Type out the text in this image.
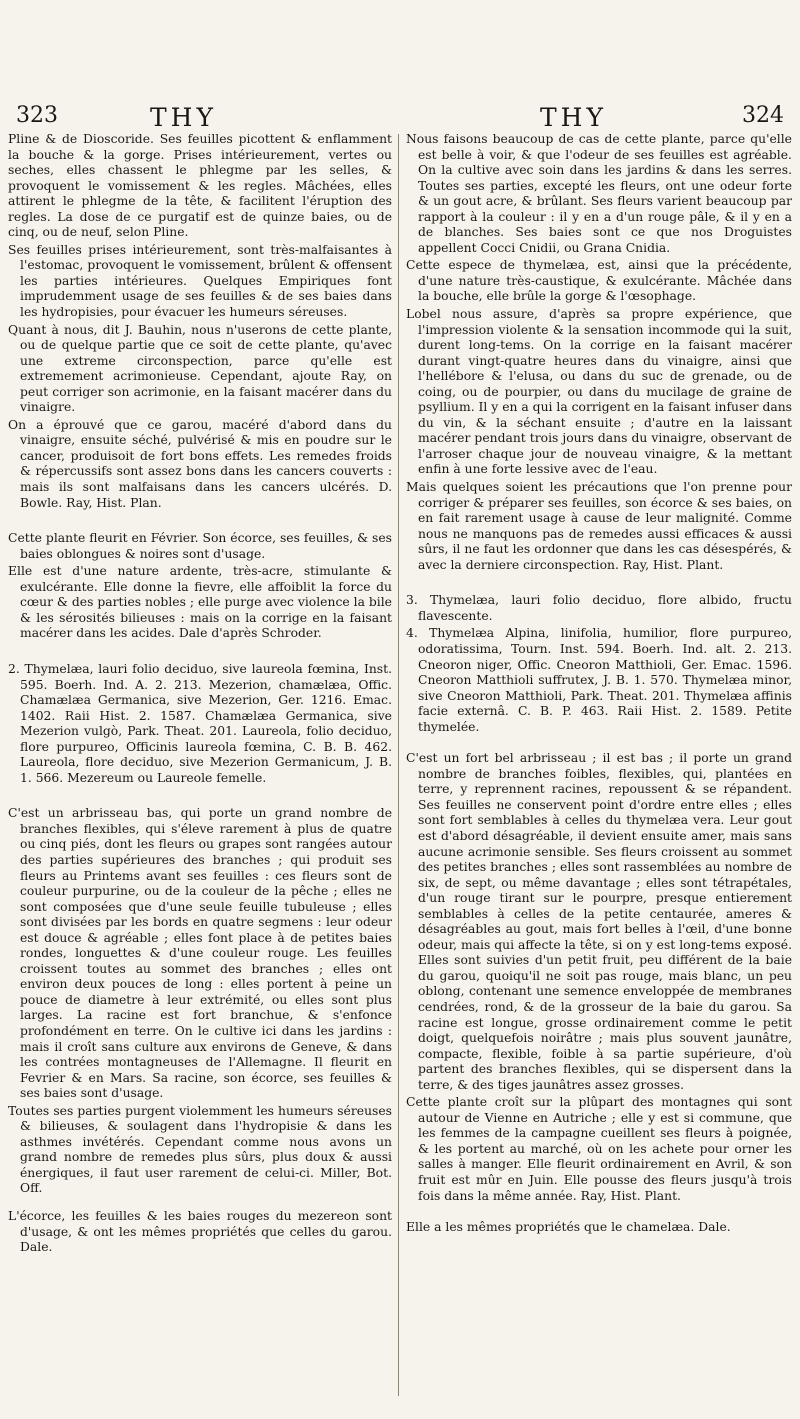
323	THY	THY	324

Pline & de Dioscoride. Ses feuilles picottent & enflamment la bouche & la gorge. Prises intérieurement, vertes ou seches, elles chassent le phlegme par les selles, & provoquent le vomissement & les regles. Mâchées, elles attirent le phlegme de la tête, & facilitent l'éruption des regles. La dose de ce purgatif est de quinze baies, ou de cinq, ou de neuf, selon Pline.

Ses feuilles prises intérieurement, sont très-malfaisantes à l'estomac, provoquent le vomissement, brûlent & offensent les parties intérieures. Quelques Empiriques font imprudemment usage de ses feuilles & de ses baies dans les hydropisies, pour évacuer les humeurs séreuses.

Quant à nous, dit J. Bauhin, nous n'userons de cette plante, ou de quelque partie que ce soit de cette plante, qu'avec une extreme circonspection, parce qu'elle est extremement acrimonieuse. Cependant, ajoute Ray, on peut corriger son acrimonie, en la faisant macérer dans du vinaigre.

On a éprouvé que ce garou, macéré d'abord dans du vinaigre, ensuite séché, pulvérisé & mis en poudre sur le cancer, produisoit de fort bons effets. Les remedes froids & répercussifs sont assez bons dans les cancers couverts : mais ils sont malfaisans dans les cancers ulcérés. D. Bowle. Ray, Hist. Plan.

Cette plante fleurit en Février. Son écorce, ses feuilles, & ses baies oblongues & noires sont d'usage.

Elle est d'une nature ardente, très-acre, stimulante & exulcérante. Elle donne la fievre, elle affoiblit la force du cœur & des parties nobles ; elle purge avec violence la bile & les sérosités bilieuses : mais on la corrige en la faisant macérer dans les acides. Dale d'après Schroder.

2. Thymelæa, lauri folio deciduo, sive laureola fœmina, Inst. 595. Boerh. Ind. A. 2. 213. Mezerion, chamælæa, Offic. Chamælæa Germanica, sive Mezerion, Ger. 1216. Emac. 1402. Raii Hist. 2. 1587. Chamælæa Germanica, sive Mezerion vulgò, Park. Theat. 201. Laureola, folio deciduo, flore purpureo, Officinis laureola fœmina, C. B. B. 462. Laureola, flore deciduo, sive Mezerion Germanicum, J. B. 1. 566. Mezereum ou Laureole femelle.

C'est un arbrisseau bas, qui porte un grand nombre de branches flexibles, qui s'éleve rarement à plus de quatre ou cinq piés, dont les fleurs ou grapes sont rangées autour des parties supérieures des branches ; qui produit ses fleurs au Printems avant ses feuilles : ces fleurs sont de couleur purpurine, ou de la couleur de la pêche ; elles ne sont composées que d'une seule feuille tubuleuse ; elles sont divisées par les bords en quatre segmens : leur odeur est douce & agréable ; elles font place à de petites baies rondes, longuettes & d'une couleur rouge. Les feuilles croissent toutes au sommet des branches ; elles ont environ deux pouces de long : elles portent à peine un pouce de diametre à leur extrémité, ou elles sont plus larges. La racine est fort branchue, & s'enfonce profondément en terre. On le cultive ici dans les jardins : mais il croît sans culture aux environs de Geneve, & dans les contrées montagneuses de l'Allemagne. Il fleurit en Fevrier & en Mars. Sa racine, son écorce, ses feuilles & ses baies sont d'usage.

Toutes ses parties purgent violemment les humeurs séreuses & bilieuses, & soulagent dans l'hydropisie & dans les asthmes invétérés. Cependant comme nous avons un grand nombre de remedes plus sûrs, plus doux & aussi énergiques, il faut user rarement de celui-ci. Miller, Bot. Off.

L'écorce, les feuilles & les baies rouges du mezereon sont d'usage, & ont les mêmes propriétés que celles du garou. Dale.

Nous faisons beaucoup de cas de cette plante, parce qu'elle est belle à voir, & que l'odeur de ses feuilles est agréable. On la cultive avec soin dans les jardins & dans les serres. Toutes ses parties, excepté les fleurs, ont une odeur forte & un gout acre, & brûlant. Ses fleurs varient beaucoup par rapport à la couleur : il y en a d'un rouge pâle, & il y en a de blanches. Ses baies sont ce que nos Droguistes appellent Cocci Cnidii, ou Grana Cnidia.

Cette espece de thymelæa, est, ainsi que la précédente, d'une nature très-caustique, & exulcérante. Mâchée dans la bouche, elle brûle la gorge & l'œsophage.

Lobel nous assure, d'après sa propre expérience, que l'impression violente & la sensation incommode qui la suit, durent long-tems. On la corrige en la faisant macérer durant vingt-quatre heures dans du vinaigre, ainsi que l'hellébore & l'elusa, ou dans du suc de grenade, ou de coing, ou de pourpier, ou dans du mucilage de graine de psyllium. Il y en a qui la corrigent en la faisant infuser dans du vin, & la séchant ensuite ; d'autre en la laissant macérer pendant trois jours dans du vinaigre, observant de l'arroser chaque jour de nouveau vinaigre, & la mettant enfin à une forte lessive avec de l'eau.

Mais quelques soient les précautions que l'on prenne pour corriger & préparer ses feuilles, son écorce & ses baies, on en fait rarement usage à cause de leur malignité. Comme nous ne manquons pas de remedes aussi efficaces & aussi sûrs, il ne faut les ordonner que dans les cas désespérés, & avec la derniere circonspection. Ray, Hist. Plant.

3. Thymelæa, lauri folio deciduo, flore albido, fructu flavescente.

4. Thymelæa Alpina, linifolia, humilior, flore purpureo, odoratissima, Tourn. Inst. 594. Boerh. Ind. alt. 2. 213. Cneoron niger, Offic. Cneoron Matthioli, Ger. Emac. 1596. Cneoron Matthioli suffrutex, J. B. 1. 570. Thymelæa minor, sive Cneoron Matthioli, Park. Theat. 201. Thymelæa affinis facie externâ. C. B. P. 463. Raii Hist. 2. 1589. Petite thymelée.

C'est un fort bel arbrisseau ; il est bas ; il porte un grand nombre de branches foibles, flexibles, qui, plantées en terre, y reprennent racines, repoussent & se répandent. Ses feuilles ne conservent point d'ordre entre elles ; elles sont fort semblables à celles du thymelæa vera. Leur gout est d'abord désagréable, il devient ensuite amer, mais sans aucune acrimonie sensible. Ses fleurs croissent au sommet des petites branches ; elles sont rassemblées au nombre de six, de sept, ou même davantage ; elles sont tétrapétales, d'un rouge tirant sur le pourpre, presque entierement semblables à celles de la petite centaurée, ameres & désagréables au gout, mais fort belles à l'œil, d'une bonne odeur, mais qui affecte la tête, si on y est long-tems exposé. Elles sont suivies d'un petit fruit, peu différent de la baie du garou, quoiqu'il ne soit pas rouge, mais blanc, un peu oblong, contenant une semence enveloppée de membranes cendrées, rond, & de la grosseur de la baie du garou. Sa racine est longue, grosse ordinairement comme le petit doigt, quelquefois noirâtre ; mais plus souvent jaunâtre, compacte, flexible, foible à sa partie supérieure, d'où partent des branches flexibles, qui se dispersent dans la terre, & des tiges jaunâtres assez grosses.

Cette plante croît sur la plûpart des montagnes qui sont autour de Vienne en Autriche ; elle y est si commune, que les femmes de la campagne cueillent ses fleurs à poignée, & les portent au marché, où on les achete pour orner les salles à manger. Elle fleurit ordinairement en Avril, & son fruit est mûr en Juin. Elle pousse des fleurs jusqu'à trois fois dans la même année. Ray, Hist. Plant.

Elle a les mêmes propriétés que le chamelæa. Dale.
